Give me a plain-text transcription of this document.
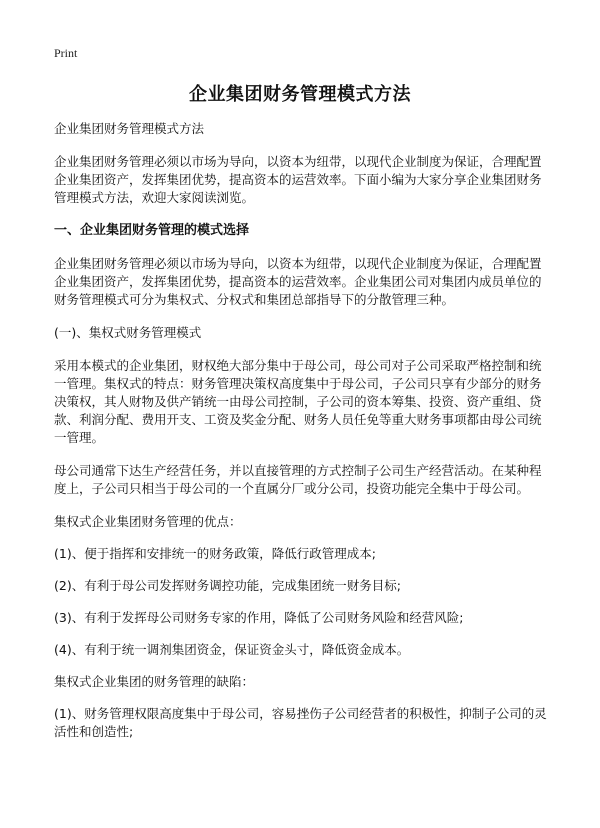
Print
企业集团财务管理模式方法

企业集团财务管理模式方法

企业集团财务管理必须以市场为导向，以资本为纽带，以现代企业制度为保证，合理配置企业集团资产，发挥集团优势，提高资本的运营效率。下面小编为大家分享企业集团财务管理模式方法，欢迎大家阅读浏览。

一、企业集团财务管理的模式选择

企业集团财务管理必须以市场为导向，以资本为纽带，以现代企业制度为保证，合理配置企业集团资产，发挥集团优势，提高资本的运营效率。企业集团公司对集团内成员单位的财务管理模式可分为集权式、分权式和集团总部指导下的分散管理三种。

(一)、集权式财务管理模式

采用本模式的企业集团，财权绝大部分集中于母公司，母公司对子公司采取严格控制和统一管理。集权式的特点：财务管理决策权高度集中于母公司，子公司只享有少部分的财务决策权，其人财物及供产销统一由母公司控制，子公司的资本筹集、投资、资产重组、贷款、利润分配、费用开支、工资及奖金分配、财务人员任免等重大财务事项都由母公司统一管理。

母公司通常下达生产经营任务，并以直接管理的方式控制子公司生产经营活动。在某种程度上，子公司只相当于母公司的一个直属分厂或分公司，投资功能完全集中于母公司。

集权式企业集团财务管理的优点：

(1)、便于指挥和安排统一的财务政策，降低行政管理成本;

(2)、有利于母公司发挥财务调控功能，完成集团统一财务目标;

(3)、有利于发挥母公司财务专家的作用，降低了公司财务风险和经营风险;

(4)、有利于统一调剂集团资金，保证资金头寸，降低资金成本。

集权式企业集团的财务管理的缺陷：

(1)、财务管理权限高度集中于母公司，容易挫伤子公司经营者的积极性，抑制子公司的灵活性和创造性;
